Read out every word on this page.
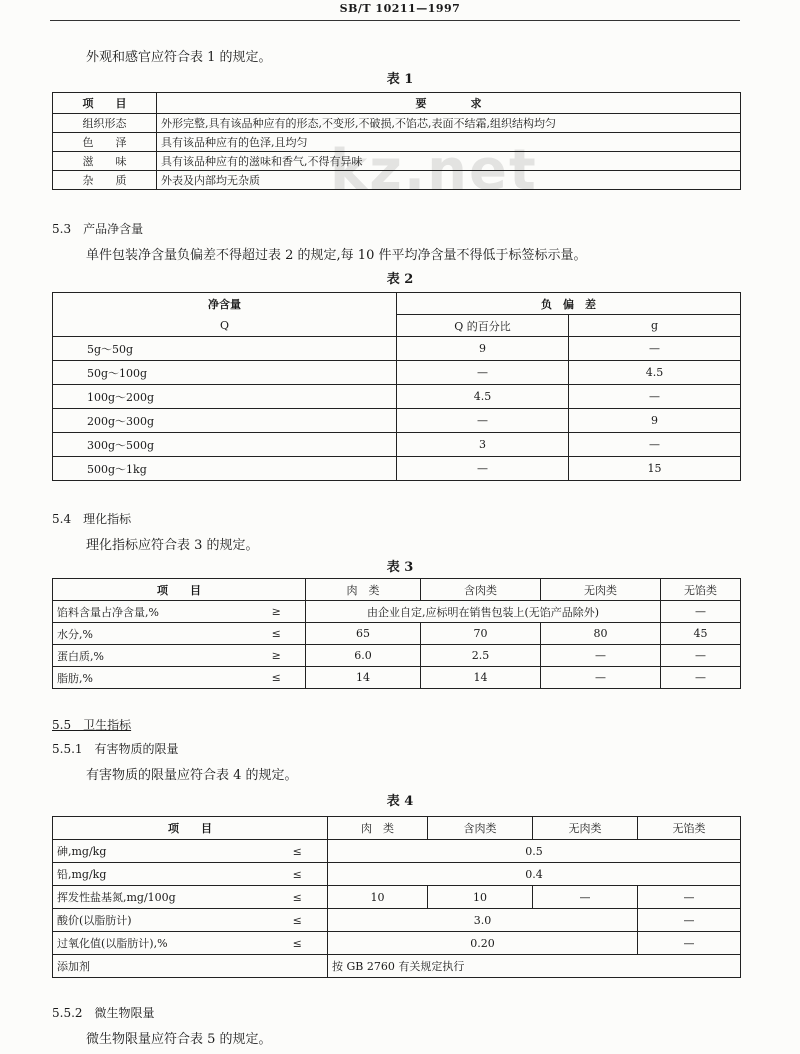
SB/T 10211—1997
kz.net
外观和感官应符合表 1 的规定。
表 1
项　　目	要　　　　求
组织形态	外形完整,具有该品种应有的形态,不变形,不破损,不馅芯,表面不结霜,组织结构均匀
色　　泽	具有该品种应有的色泽,且均匀
滋　　味	具有该品种应有的滋味和香气,不得有异味
杂　　质	外表及内部均无杂质
5.3　产品净含量
单件包装净含量负偏差不得超过表 2 的规定,每 10 件平均净含量不得低于标签标示量。
表 2
净含量	负　偏　差	
Q	Q 的百分比	g
5g～50g	9	—
50g～100g	—	4.5
100g～200g	4.5	—
200g～300g	—	9
300g～500g	3	—
500g～1kg	—	15
5.4　理化指标
理化指标应符合表 3 的规定。
表 3
项　　目		肉　类	含肉类	无肉类	无馅类
馅料含量占净含量,%	≥	由企业自定,应标明在销售包装上(无馅产品除外)			—
水分,%	≤	65	70	80	45
蛋白质,%	≥	6.0	2.5	—	—
脂肪,%	≤	14	14	—	—
5.5　卫生指标
5.5.1　有害物质的限量
有害物质的限量应符合表 4 的规定。
表 4
项　　目		肉　类	含肉类	无肉类	无馅类
砷,mg/kg	≤	0.5			
铅,mg/kg	≤	0.4			
挥发性盐基氮,mg/100g	≤	10	10	—	—
酸价(以脂肪计)	≤	3.0			—
过氧化值(以脂肪计),%	≤	0.20			—
添加剂		按 GB 2760 有关规定执行			
5.5.2　微生物限量
微生物限量应符合表 5 的规定。
